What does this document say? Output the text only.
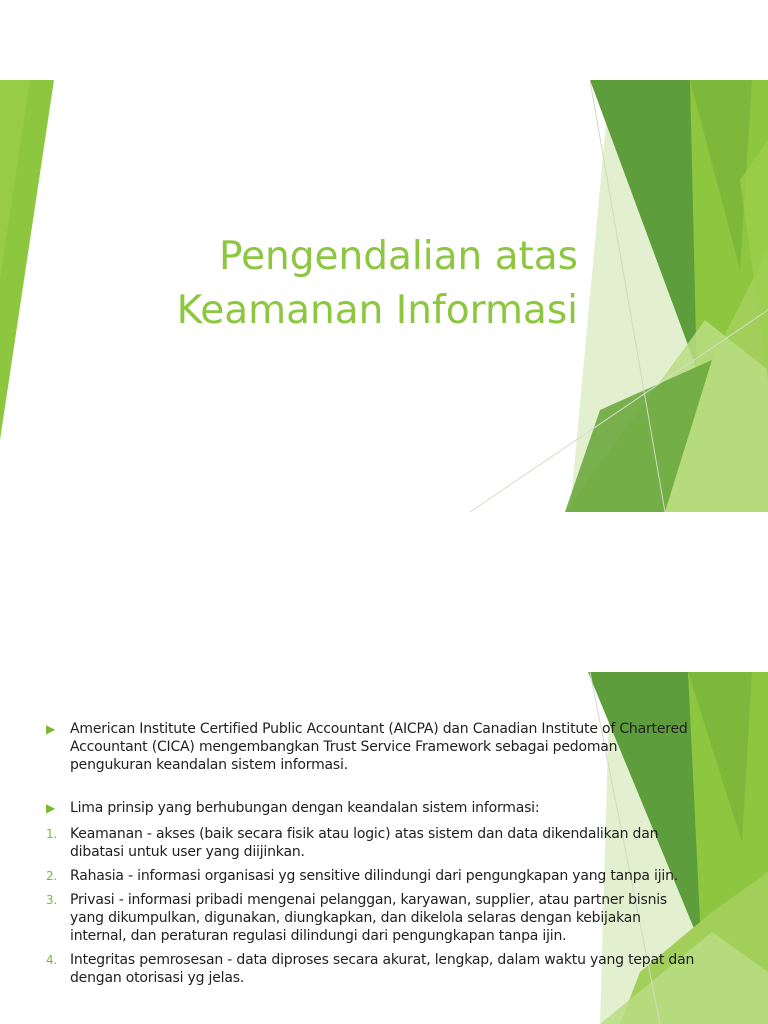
Pengendalian atas
Keamanan Informasi
▶ American Institute Certified Public Accountant (AICPA) dan Canadian Institute of Chartered Accountant (CICA) mengembangkan Trust Service Framework sebagai pedoman pengukuran keandalan sistem informasi.
▶ Lima prinsip yang berhubungan dengan keandalan sistem informasi:
1. Keamanan - akses (baik secara fisik atau logic) atas sistem dan data dikendalikan dan dibatasi untuk user yang diijinkan.
2. Rahasia - informasi organisasi yg sensitive dilindungi dari pengungkapan yang tanpa ijin.
3. Privasi - informasi pribadi mengenai pelanggan, karyawan, supplier, atau partner bisnis yang dikumpulkan, digunakan, diungkapkan, dan dikelola selaras dengan kebijakan internal, dan peraturan regulasi dilindungi dari pengungkapan tanpa ijin.
4. Integritas pemrosesan - data diproses secara akurat, lengkap, dalam waktu yang tepat dan dengan otorisasi yg jelas.
